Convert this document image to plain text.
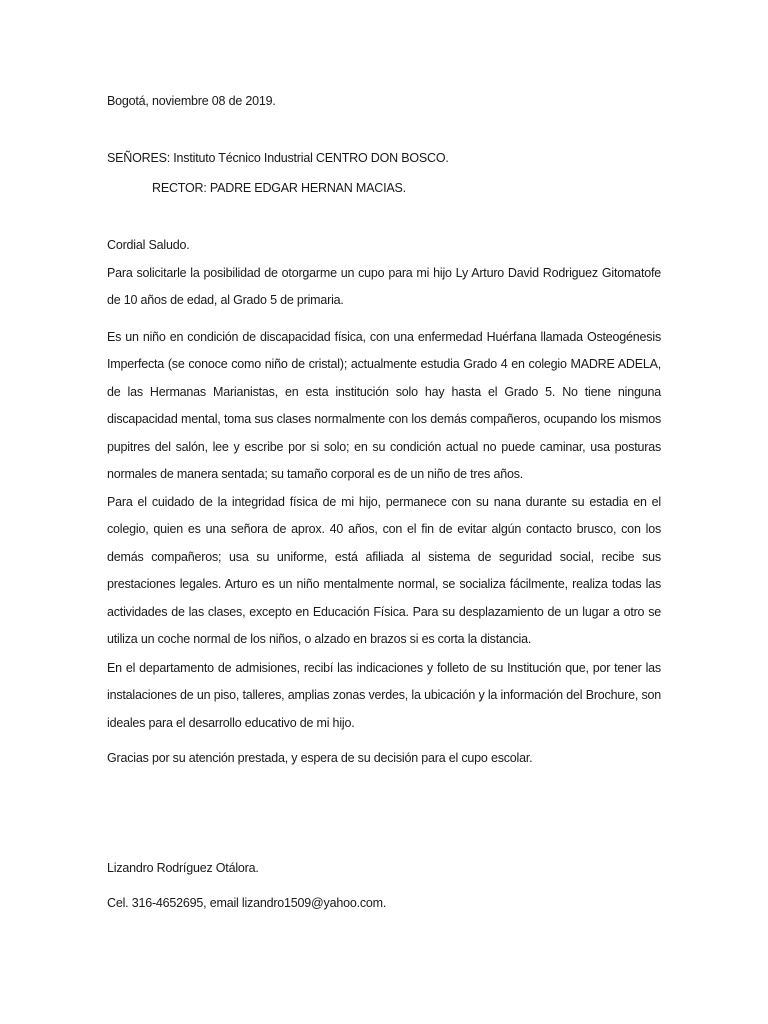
Bogotá, noviembre 08 de 2019.
SEÑORES: Instituto Técnico Industrial CENTRO DON BOSCO.
RECTOR: PADRE EDGAR HERNAN MACIAS.
Cordial Saludo.

Para solicitarle la posibilidad de otorgarme un cupo para mi hijo Ly Arturo David Rodriguez Gitomatofe de 10 años de edad, al Grado 5 de primaria.

Es un niño en condición de discapacidad física, con una enfermedad Huérfana llamada Osteogénesis Imperfecta (se conoce como niño de cristal); actualmente estudia Grado 4 en colegio MADRE ADELA, de las Hermanas Marianistas, en esta institución solo hay hasta el Grado 5. No tiene ninguna discapacidad mental, toma sus clases normalmente con los demás compañeros, ocupando los mismos pupitres del salón, lee y escribe por si solo; en su condición actual no puede caminar, usa posturas normales de manera sentada; su tamaño corporal es de un niño de tres años.

Para el cuidado de la integridad física de mi hijo, permanece con su nana durante su estadia en el colegio, quien es una señora de aprox. 40 años, con el fin de evitar algún contacto brusco, con los demás compañeros; usa su uniforme, está afiliada al sistema de seguridad social, recibe sus prestaciones legales. Arturo es un niño mentalmente normal, se socializa fácilmente, realiza todas las actividades de las clases, excepto en Educación Física. Para su desplazamiento de un lugar a otro se utiliza un coche normal de los niños, o alzado en brazos si es corta la distancia.

En el departamento de admisiones, recibí las indicaciones y folleto de su Institución que, por tener las instalaciones de un piso, talleres, amplias zonas verdes, la ubicación y la información del Brochure, son ideales para el desarrollo educativo de mi hijo.

Gracias por su atención prestada, y espera de su decisión para el cupo escolar.

Lizandro Rodríguez Otálora.
Cel. 316-4652695, email lizandro1509@yahoo.com.
